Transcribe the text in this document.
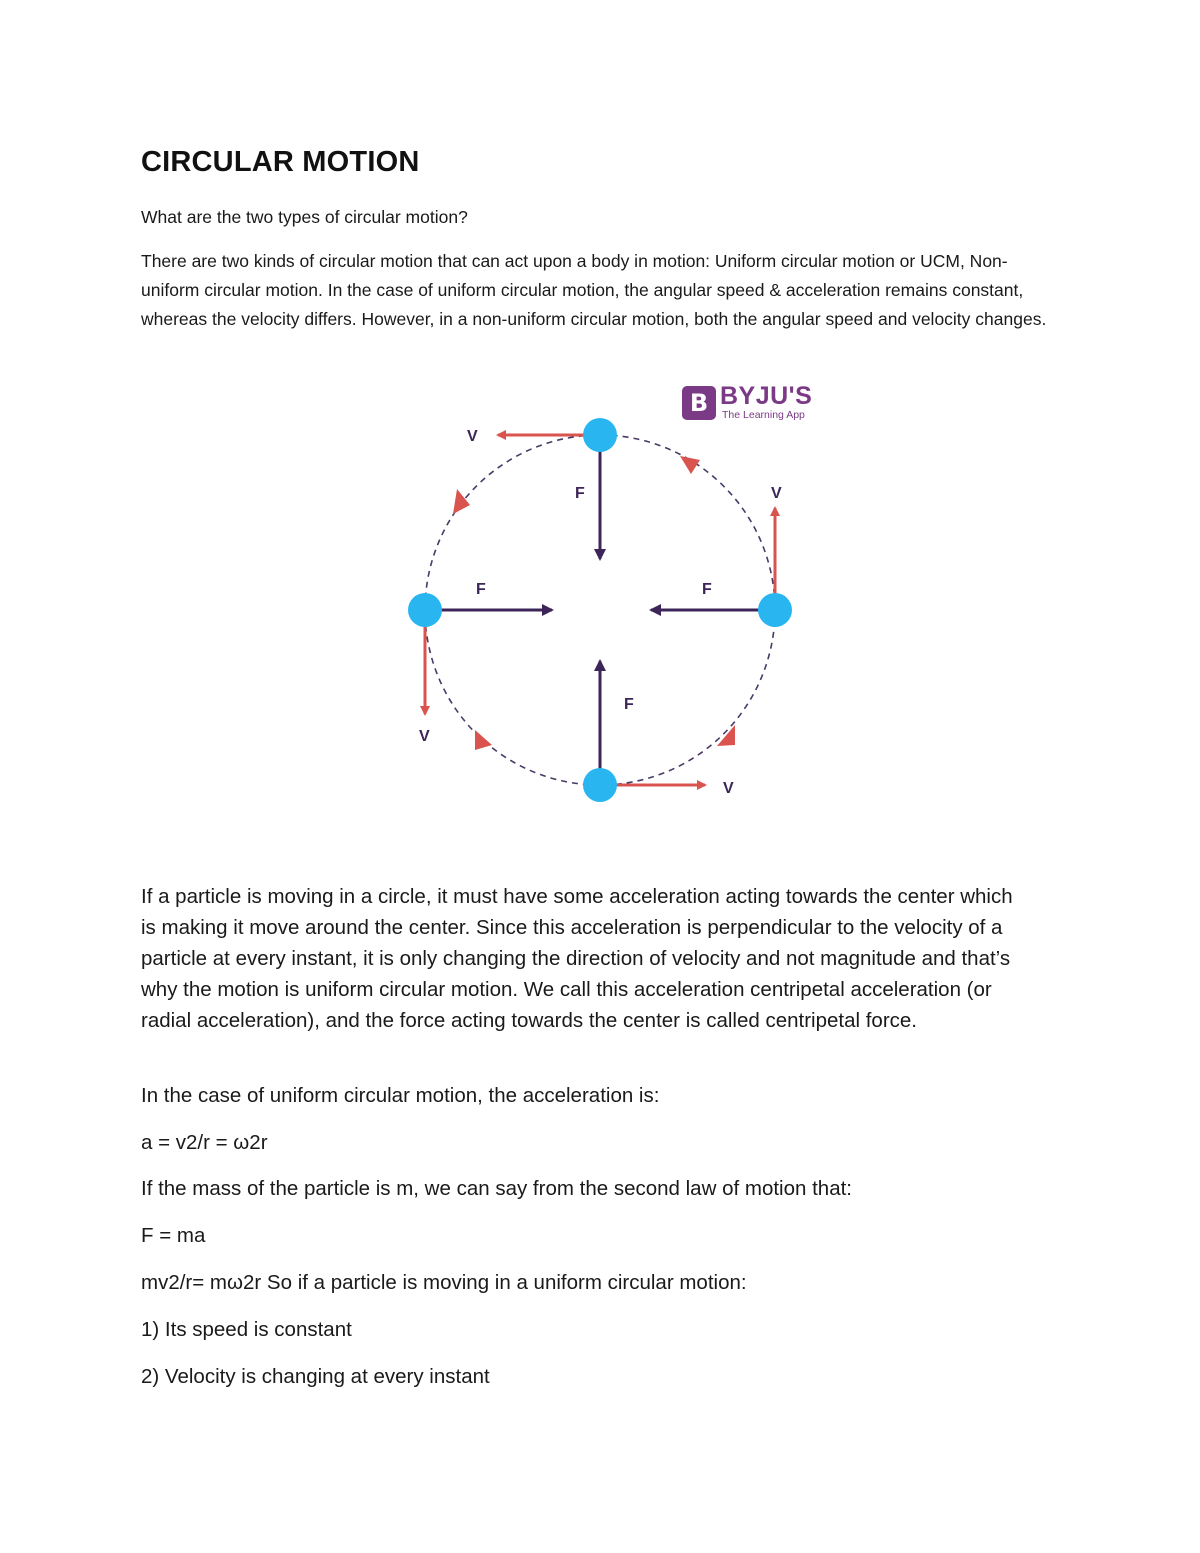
CIRCULAR MOTION

What are the two types of circular motion?

There are two kinds of circular motion that can act upon a body in motion: Uniform circular motion or UCM, Non-uniform circular motion. In the case of uniform circular motion, the angular speed & acceleration remains constant, whereas the velocity differs. However, in a non-uniform circular motion, both the angular speed and velocity changes.

B BYJU'S
The Learning App
V
V
V
V
F
F	F
F

If a particle is moving in a circle, it must have some acceleration acting towards the center which is making it move around the center. Since this acceleration is perpendicular to the velocity of a particle at every instant, it is only changing the direction of velocity and not magnitude and that’s why the motion is uniform circular motion. We call this acceleration centripetal acceleration (or radial acceleration), and the force acting towards the center is called centripetal force.

In the case of uniform circular motion, the acceleration is:

a = v2/r = ω2r

If the mass of the particle is m, we can say from the second law of motion that:

F = ma

mv2/r= mω2r So if a particle is moving in a uniform circular motion:

1) Its speed is constant

2) Velocity is changing at every instant
